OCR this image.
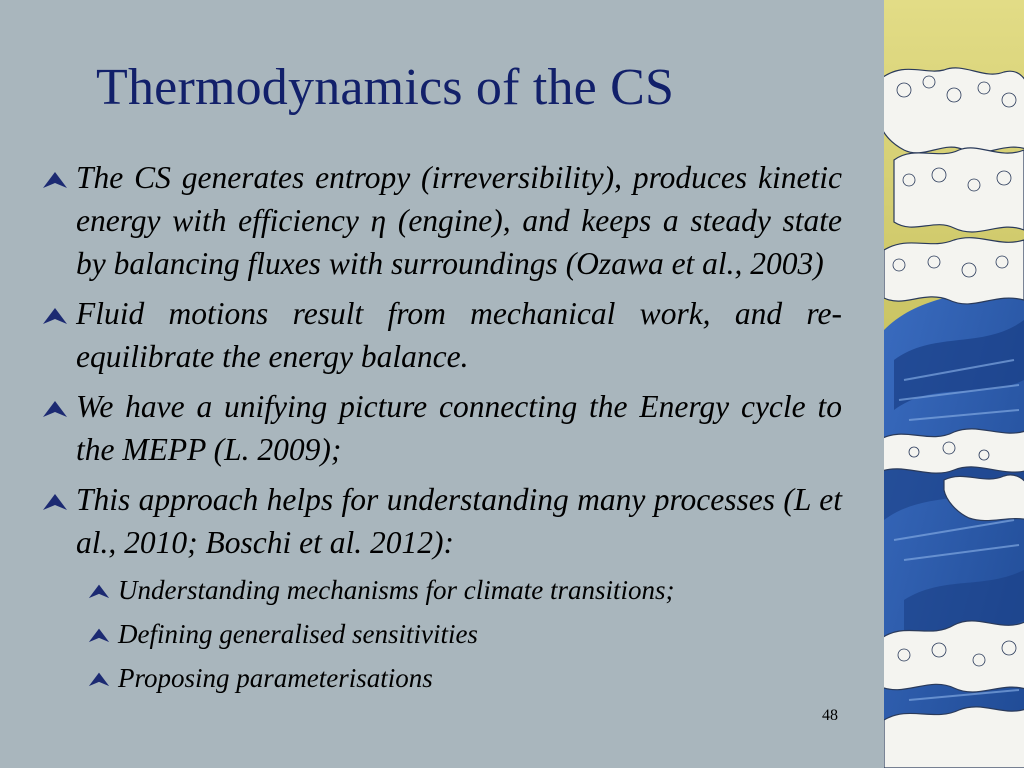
Thermodynamics of the CS
The CS generates entropy (irreversibility), produces kinetic energy with efficiency η (engine), and keeps a steady state by balancing fluxes with surroundings (Ozawa et al., 2003)
Fluid motions result from mechanical work, and re-equilibrate the energy balance.
We have a unifying picture connecting the Energy cycle to the MEPP (L. 2009);
This approach helps for understanding many processes (L et al., 2010; Boschi et al. 2012):
Understanding mechanisms for climate transitions;
Defining generalised sensitivities
Proposing parameterisations
48
